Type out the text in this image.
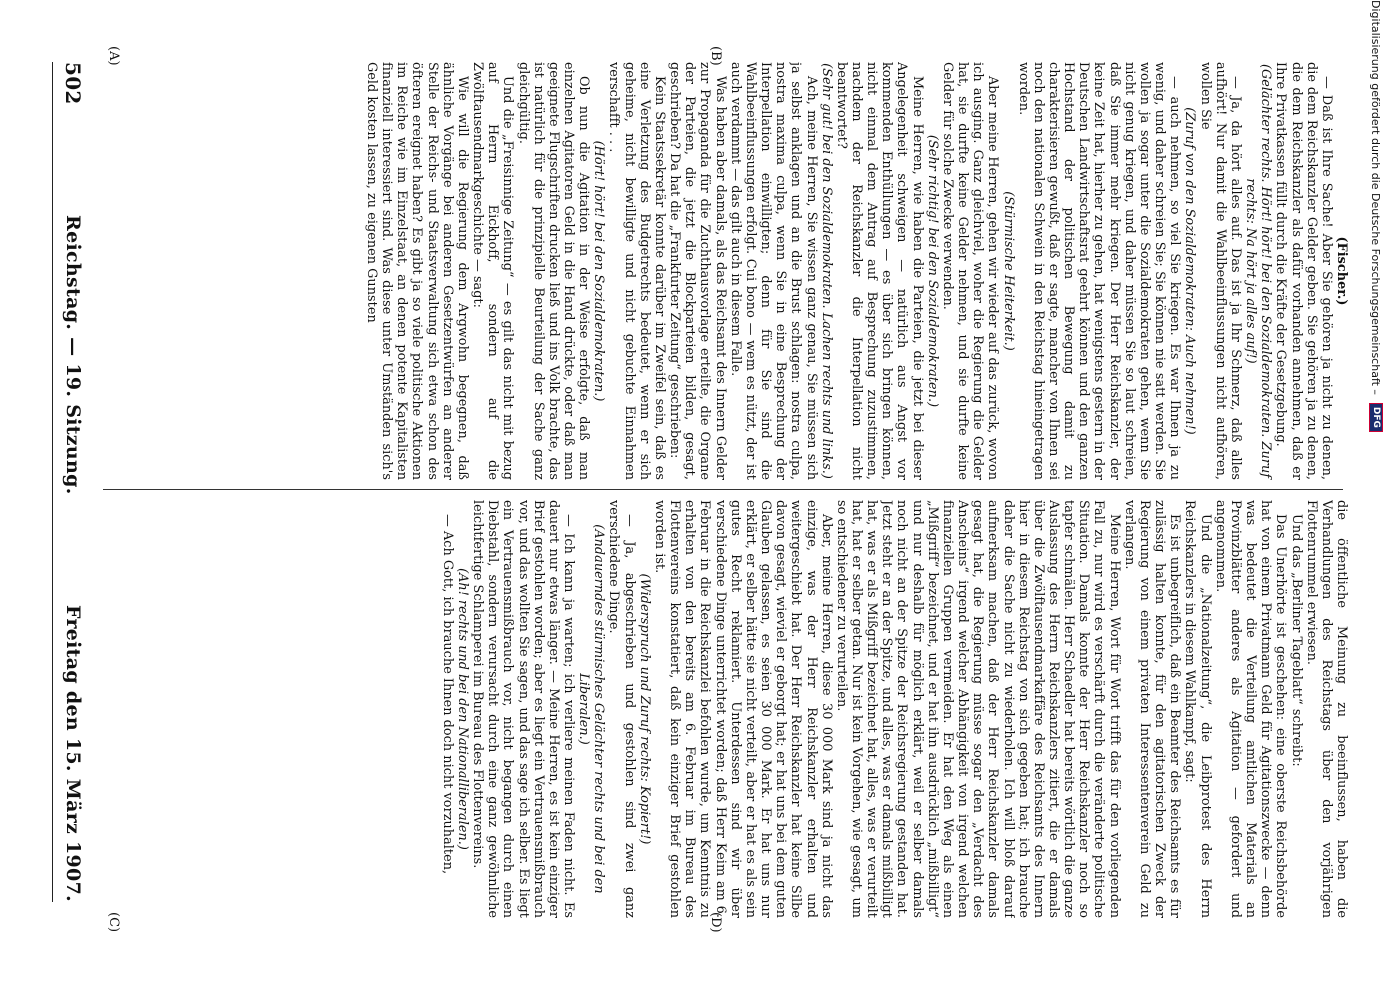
Digitalisierung gefördert durch die Deutsche Forschungsgemeinschaft –
DFG
502
Reichstag. — 19. Sitzung.
Freitag den 15. März 1907.
(A)	(B)
(C)	(D)

(Fischer.)

— Daß ist Ihre Sache! Aber Sie gehören ja nicht zu denen, die dem Reichskanzler Gelder geben. Sie gehören ja zu denen, die dem Reichskanzler als dafür vorhanden annehmen, daß er Ihre Privatkassen füllt durch die Kräfte der Gesetzgebung.

(Gelächter rechts. Hört! hört! bei den Sozialdemokraten. Zuruf rechts: Na hört ja alles auf!)

— Ja, da hört alles auf. Das ist ja Ihr Schmerz, daß alles aufhört! Nur damit die Wahlbeeinflussungen nicht aufhören, wollen Sie

(Zuruf von den Sozialdemokraten: Auch nehmen!)

— auch nehmen, so viel Sie kriegen. Es war Ihnen ja zu wenig, und daher schreien Sie; Sie können nie satt werden. Sie wollen ja sogar unter die Sozialdemokraten gehen, wenn Sie nicht genug kriegen, und daher müssen Sie so laut schreien, daß Sie immer mehr kriegen. Der Herr Reichskanzler, der keine Zeit hat, hierher zu gehen, hat wenigstens gestern in der Deutschen Landwirtschaftsrat geehrt können und den ganzen Hochstand der politischen Bewegung damit zu charakterisieren gewußt, daß er sagte, mancher von Ihnen sei noch den nationalen Schwein in den Reichstag hineingetragen worden.

(Stürmische Heiterkeit.)

Aber meine Herren, gehen wir wieder auf das zurück, wovon ich ausging. Ganz gleichviel, woher die Regierung die Gelder hat, sie durfte keine Gelder nehmen, und sie durfte keine Gelder für solche Zwecke verwenden.

(Sehr richtig! bei den Sozialdemokraten.)

Meine Herren, wie haben die Parteien, die jetzt bei dieser Angelegenheit schweigen — natürlich aus Angst vor kommenden Enthüllungen — es über sich bringen können, nicht einmal dem Antrag auf Besprechung zuzustimmen, nachdem der Reichskanzler die Interpellation nicht beantwortet?

(Sehr gut! bei den Sozialdemokraten. Lachen rechts und links.)

Ach, meine Herren, Sie wissen ganz genau, Sie müssen sich ja selbst anklagen und an die Brust schlagen: nostra culpa, nostra maxima culpa, wenn Sie in eine Besprechung der Interpellation einwilligten; denn für Sie sind die Wahlbeeinflussungen erfolgt. Cui bono — wem es nützt, der ist auch verdammt — das gilt auch in diesem Falle.

Was haben aber damals, als das Reichsamt des Innern Gelder zur Propaganda für die Zuchthausvorlage erteilte, die Organe der Parteien, die jetzt die Blockparteien bilden, gesagt, geschrieben? Da hat die „Frankfurter Zeitung“ geschrieben:

Kein Staatssekretär konnte darüber im Zweifel sein, daß es eine Verletzung des Budgetrechts bedeutet, wenn er sich geheime, nicht bewilligte und nicht gebuchte Einnahmen verschafft . . .

(Hört! hört! bei den Sozialdemokraten.)

Ob nun die Agitation in der Weise erfolgte, daß man einzelnen Agitatoren Geld in die Hand drückte, oder daß man geeignete Flugschriften drucken ließ und ins Volk brachte, das ist natürlich für die prinzipielle Beurteilung der Sache ganz gleichgültig.

Und die „Freisinnige Zeitung“ — es gilt das nicht mit bezug auf Herrn Eickhoff, sondern auf die Zwölftausendmarkgeschichte — sagt:

Wie will die Regierung dem Argwohn begegnen, daß ähnliche Vorgänge bei anderen Gesetzentwürfen an anderer Stelle der Reichs- und Staatsverwaltung sich etwa schon des öfteren ereignet haben? Es gibt ja so viele politische Aktionen im Reiche wie im Einzelstaat, an denen potente Kapitalisten finanziell interessiert sind. Was diese unter Umständen sich's Geld kosten lassen, zu eigenen Gunsten

die öffentliche Meinung zu beeinflussen, haben die Verhandlungen des Reichstags über den vorjährigen Flottenrummel erwiesen.

Und das „Berliner Tageblatt“ schreibt:

Das Unerhörte ist geschehen: eine oberste Reichsbehörde hat von einem Privatmann Geld für Agitationszwecke — denn was bedeutet die Verteilung amtlichen Materials an Provinzblätter anderes als Agitation — gefordert und angenommen.

Und die „Nationalzeitung“, die Leibprotest des Herrn Reichskanzlers in diesem Wahlkampf, sagt:

Es ist unbegreiflich, daß ein Beamter des Reichsamts es für zulässig halten konnte, für den agitatorischen Zweck der Regierung von einem privaten Interessentenverein Geld zu verlangen.

Meine Herren, Wort für Wort trifft das für den vorliegenden Fall zu, nur wird es verschärft durch die veränderte politische Situation. Damals konnte der Herr Reichskanzler noch so tapfer schmälen. Herr Schaedler hat bereits wörtlich die ganze Auslassung des Herrn Reichskanzlers zitiert, die er damals über die Zwölftausendmarkaffäre des Reichsamts des Innern hier in diesem Reichstag von sich gegeben hat; ich brauche daher die Sache nicht zu wiederholen. Ich will bloß darauf aufmerksam machen, daß der Herr Reichskanzler damals gesagt hat, die Regierung müsse sogar den „Verdacht des Anscheins“ irgend welcher Abhängigkeit von irgend welchen finanziellen Gruppen vermeiden. Er hat den Weg als einen „Mißgriff“ bezeichnet, und er hat ihn ausdrücklich „mißbilligt“ und nur deshalb für möglich erklärt, weil er selber damals noch nicht an der Spitze der Reichsregierung gestanden hat. Jetzt steht er an der Spitze, und alles, was er damals mißbilligt hat, was er als Mißgriff bezeichnet hat, alles, was er verurteilt hat, hat er selber getan. Nur ist kein Vorgehen, wie gesagt, um so entschiedener zu verurteilen.

Aber, meine Herren, diese 30 000 Mark sind ja nicht das einzige, was der Herr Reichskanzler erhalten und weitergeschiebt hat. Der Herr Reichskanzler hat keine Silbe davon gesagt, wieviel er geborgt hat; er hat uns bei dem guten Glauben gelassen, es seien 30 000 Mark. Er hat uns nur erklärt, er selber hätte sie nicht verteilt, aber er hat es als sein gutes Recht reklamiert. Unterdessen sind wir über verschiedene Dinge unterrichtet worden; daß Herr Keim am 6. Februar in die Reichskanzlei befohlen wurde, um Kenntnis zu erhalten von den bereits am 6. Februar im Bureau des Flottenvereins konstatiert, daß kein einziger Brief gestohlen worden ist.

(Widerspruch und Zuruf rechts: Kopiert!)

— Ja, abgeschrieben und gestohlen sind zwei ganz verschiedene Dinge.

(Andauerndes stürmisches Gelächter rechts und bei den Liberalen.)

— Ich kann ja warten; ich verliere meinen Faden nicht. Es dauert nur etwas länger. — Meine Herren, es ist kein einziger Brief gestohlen worden; aber es liegt ein Vertrauensmißbrauch vor, und das wollten Sie sagen, und das sage ich selber. Es liegt ein Vertrauensmißbrauch vor, nicht begangen durch einen Diebstahl, sondern verursacht durch eine ganz gewöhnliche leichtfertige Schlamperei im Bureau des Flottenvereins.

(Ah! rechts und bei den Nationalliberalen.)

— Ach Gott, ich brauche Ihnen doch nicht vorzuhalten,
